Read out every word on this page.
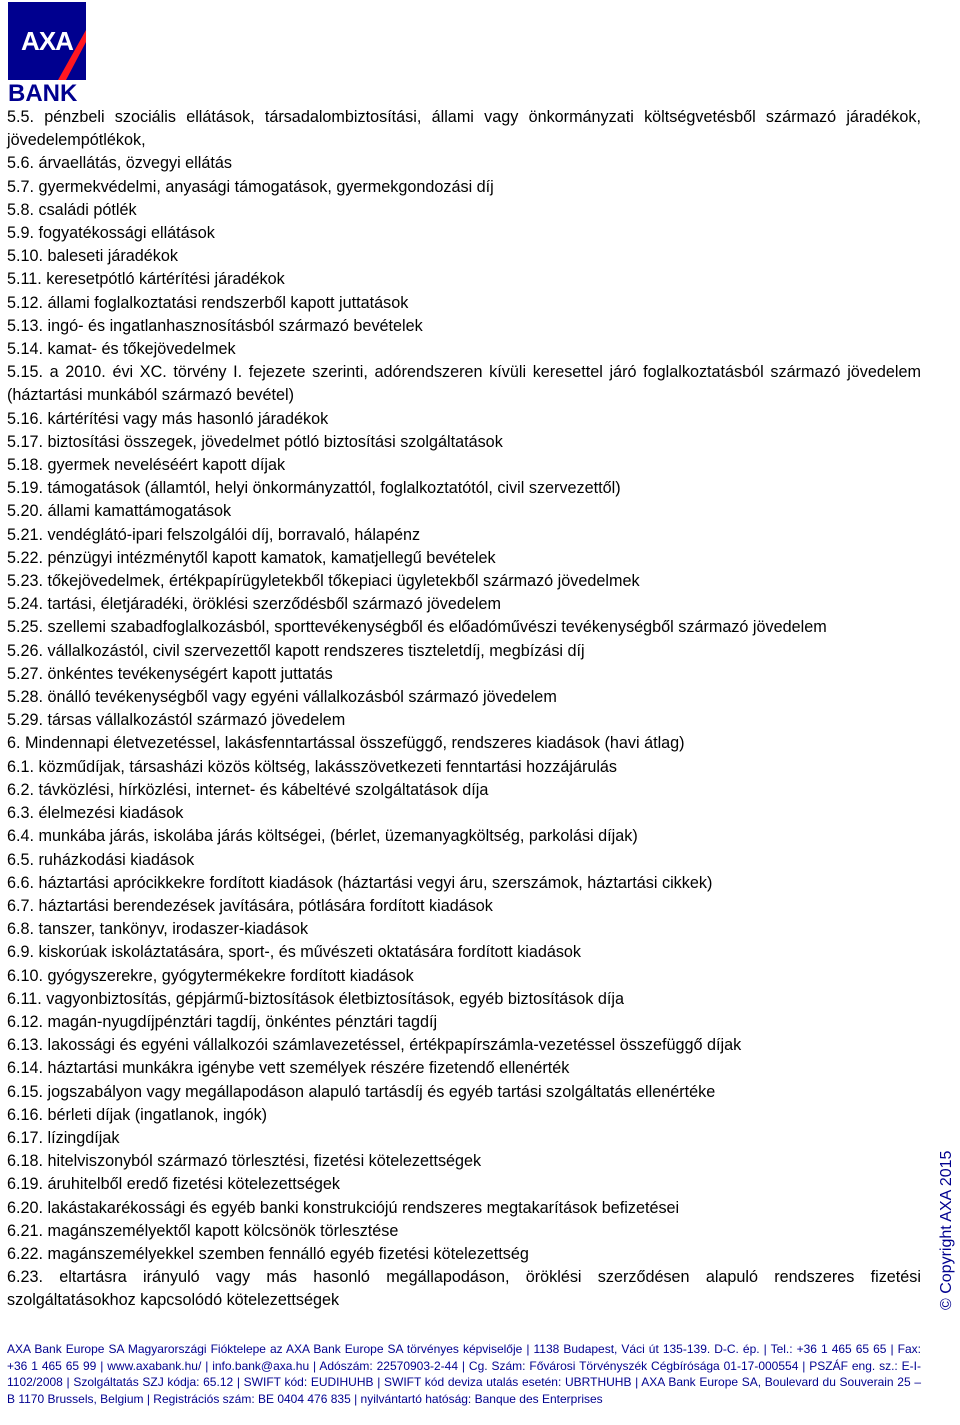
AXA
BANK

5.5. pénzbeli szociális ellátások, társadalombiztosítási, állami vagy önkormányzati költségvetésből származó járadékok, jövedelempótlékok,

5.6. árvaellátás, özvegyi ellátás

5.7. gyermekvédelmi, anyasági támogatások, gyermekgondozási díj

5.8. családi pótlék

5.9. fogyatékossági ellátások

5.10. baleseti járadékok

5.11. keresetpótló kártérítési járadékok

5.12. állami foglalkoztatási rendszerből kapott juttatások

5.13. ingó- és ingatlanhasznosításból származó bevételek

5.14. kamat- és tőkejövedelmek

5.15. a 2010. évi XC. törvény I. fejezete szerinti, adórendszeren kívüli keresettel járó foglalkoztatásból származó jövedelem (háztartási munkából származó bevétel)

5.16. kártérítési vagy más hasonló járadékok

5.17. biztosítási összegek, jövedelmet pótló biztosítási szolgáltatások

5.18. gyermek neveléséért kapott díjak

5.19. támogatások (államtól, helyi önkormányzattól, foglalkoztatótól, civil szervezettől)

5.20. állami kamattámogatások

5.21. vendéglátó-ipari felszolgálói díj, borravaló, hálapénz

5.22. pénzügyi intézménytől kapott kamatok, kamatjellegű bevételek

5.23. tőkejövedelmek, értékpapírügyletekből tőkepiaci ügyletekből származó jövedelmek

5.24. tartási, életjáradéki, öröklési szerződésből származó jövedelem

5.25. szellemi szabadfoglalkozásból, sporttevékenységből és előadóművészi tevékenységből származó jövedelem

5.26. vállalkozástól, civil szervezettől kapott rendszeres tiszteletdíj, megbízási díj

5.27. önkéntes tevékenységért kapott juttatás

5.28. önálló tevékenységből vagy egyéni vállalkozásból származó jövedelem

5.29. társas vállalkozástól származó jövedelem

6. Mindennapi életvezetéssel, lakásfenntartással összefüggő, rendszeres kiadások (havi átlag)

6.1. közműdíjak, társasházi közös költség, lakásszövetkezeti fenntartási hozzájárulás

6.2. távközlési, hírközlési, internet- és kábeltévé szolgáltatások díja

6.3. élelmezési kiadások

6.4. munkába járás, iskolába járás költségei, (bérlet, üzemanyagköltség, parkolási díjak)

6.5. ruházkodási kiadások

6.6. háztartási aprócikkekre fordított kiadások (háztartási vegyi áru, szerszámok, háztartási cikkek)

6.7. háztartási berendezések javítására, pótlására fordított kiadások

6.8. tanszer, tankönyv, irodaszer-kiadások

6.9. kiskorúak iskoláztatására, sport-, és művészeti oktatására fordított kiadások

6.10. gyógyszerekre, gyógytermékekre fordított kiadások

6.11. vagyonbiztosítás, gépjármű-biztosítások életbiztosítások, egyéb biztosítások díja

6.12. magán-nyugdíjpénztári tagdíj, önkéntes pénztári tagdíj

6.13. lakossági és egyéni vállalkozói számlavezetéssel, értékpapírszámla-vezetéssel összefüggő díjak

6.14. háztartási munkákra igénybe vett személyek részére fizetendő ellenérték

6.15. jogszabályon vagy megállapodáson alapuló tartásdíj és egyéb tartási szolgáltatás ellenértéke

6.16. bérleti díjak (ingatlanok, ingók)

6.17. lízingdíjak

6.18. hitelviszonyból származó törlesztési, fizetési kötelezettségek

6.19. áruhitelből eredő fizetési kötelezettségek

6.20. lakástakarékossági és egyéb banki konstrukciójú rendszeres megtakarítások befizetései

6.21. magánszemélyektől kapott kölcsönök törlesztése

6.22. magánszemélyekkel szemben fennálló egyéb fizetési kötelezettség

6.23. eltartásra irányuló vagy más hasonló megállapodáson, öröklési szerződésen alapuló rendszeres fizetési szolgáltatásokhoz kapcsolódó kötelezettségek	© Copyright AXA 2015
AXA Bank Europe SA Magyarországi Fióktelepe az AXA Bank Europe SA törvényes képviselője | 1138 Budapest, Váci út 135-139. D-C. ép. | Tel.: +36 1 465 65 65 | Fax: +36 1 465 65 99 | www.axabank.hu/ | info.bank@axa.hu | Adószám: 22570903-2-44 | Cg. Szám: Fővárosi Törvényszék Cégbírósága 01-17-000554 | PSZÁF eng. sz.: E-I-1102/2008 | Szolgáltatás SZJ kódja: 65.12 | SWIFT kód: EUDIHUHB | SWIFT kód deviza utalás esetén: UBRTHUHB | AXA Bank Europe SA, Boulevard du Souverain 25 – B 1170 Brussels, Belgium | Registrációs szám: BE 0404 476 835 | nyilvántartó hatóság: Banque des Enterprises
